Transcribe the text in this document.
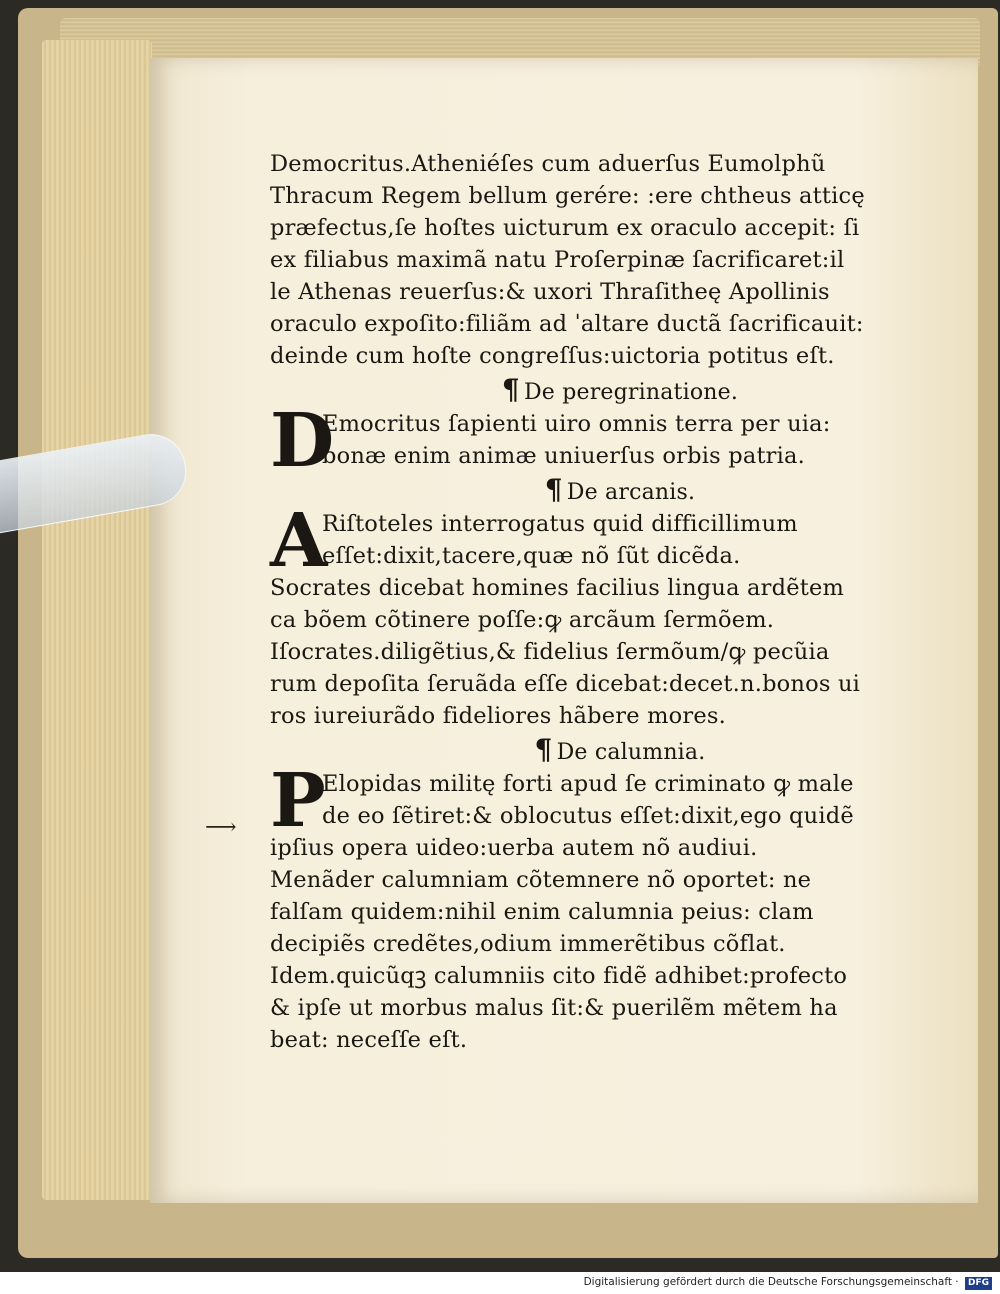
Democritus.Atheniéſes cum aduerſus Eumolphũ
Thracum Regem bellum gerére: :ere chtheus atticę
præfectus,ſe hoſtes uicturum ex oraculo accepit: ſi
ex filiabus maximã natu Proſerpinæ ſacrificaret:il
le Athenas reuerſus:& uxori Thraſitheę Apollinis
oraculo expoſito:filiãm ad ˈaltare ductã ſacrificauit:
deinde cum hoſte congreſſus:uictoria potitus eſt.
¶ De peregrinatione.
D
Emocritus ſapienti uiro omnis terra per uia:
bonæ enim animæ uniuerſus orbis patria.
¶ De arcanis.
A
Riſtoteles interrogatus quid difficillimum
eſſet:dixit,tacere,quæ nõ ſũt dicẽda.
Socrates dicebat homines facilius lingua ardẽtem
ca bõem cõtinere poſſe:ꝙ arcãum ſermõem.
Iſocrates.diligẽtius,& fidelius ſermõum/ꝙ pecũia
rum depoſita ſeruãda eſſe dicebat:decet.n.bonos ui
ros iureiurãdo fideliores hãbere mores.
¶ De calumnia.
P
Elopidas militę forti apud ſe criminato ꝙ male
de eo ſẽtiret:& oblocutus eſſet:dixit,ego quidẽ
ipſius opera uideo:uerba autem nõ audiui.
Menãder calumniam cõtemnere nõ oportet: ne
falſam quidem:nihil enim calumnia peius: clam
decipiẽs credẽtes,odium immerẽtibus cõflat.
Idem.quicũqꝫ calumniis cito fidẽ adhibet:profecto
& ipſe ut morbus malus ſit:& puerilẽm mẽtem ha
beat: neceſſe eſt.
⟶
Digitalisierung gefördert durch die Deutsche Forschungsgemeinschaft · DFG
